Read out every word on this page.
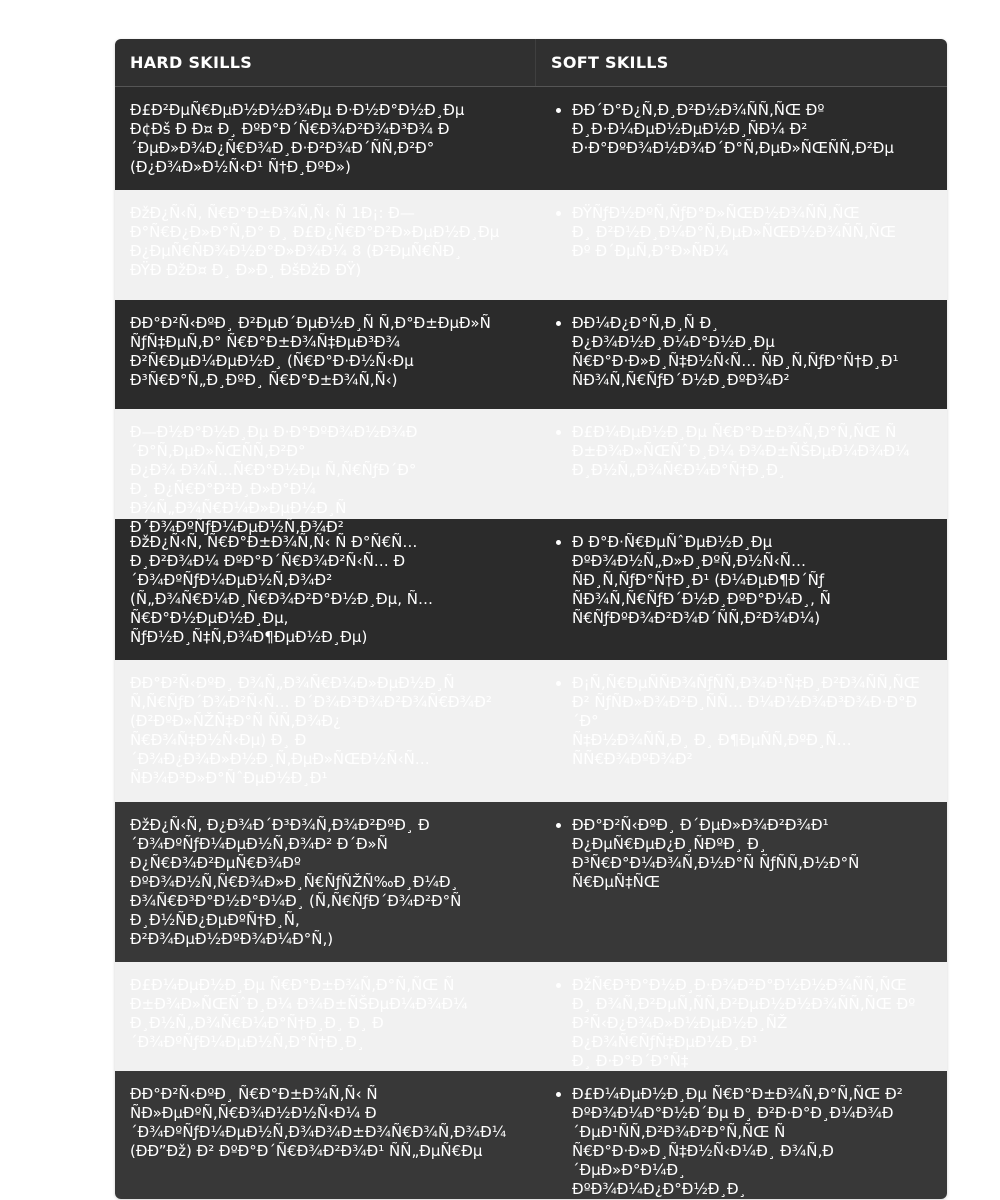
HARD SKILLS	SOFT SKILLS
Ð£Ð²ÐµÑ€ÐµÐ½Ð½Ð¾Ðµ Ð·Ð½Ð°Ð½Ð¸Ðµ
Ð¢Ðš Ð Ð¤ Ð¸ ÐºÐ°Ð´Ñ€Ð¾Ð²Ð¾Ð³Ð¾ Ð
´ÐµÐ»Ð¾Ð¿Ñ€Ð¾Ð¸Ð·Ð²Ð¾Ð´ÑÑ‚Ð²Ð°
(Ð¿Ð¾Ð»Ð½Ñ‹Ð¹ Ñ†Ð¸ÐºÐ»)
• ÐÐ´Ð°Ð¿Ñ‚Ð¸Ð²Ð½Ð¾ÑÑ‚ÑŒ Ðº
Ð¸Ð·Ð¼ÐµÐ½ÐµÐ½Ð¸ÑÐ¼ Ð²
Ð·Ð°ÐºÐ¾Ð½Ð¾Ð´Ð°Ñ‚ÐµÐ»ÑŒÑÑ‚Ð²Ðµ
ÐžÐ¿Ñ‹Ñ‚ Ñ€Ð°Ð±Ð¾Ñ‚Ñ‹ Ñ 1Ð¡: Ð—
Ð°Ñ€Ð¿Ð»Ð°Ñ‚Ð° Ð¸ Ð£Ð¿Ñ€Ð°Ð²Ð»ÐµÐ½Ð¸Ðµ
Ð¿ÐµÑ€ÑÐ¾Ð½Ð°Ð»Ð¾Ð¼ 8 (Ð²ÐµÑ€ÑÐ¸
ÐŸÐ ÐžÐ¤ Ð¸ Ð»Ð¸ ÐšÐžÐ ÐŸ)
• ÐŸÑƒÐ½ÐºÑ‚ÑƒÐ°Ð»ÑŒÐ½Ð¾ÑÑ‚ÑŒ
Ð¸ Ð²Ð½Ð¸Ð¼Ð°Ñ‚ÐµÐ»ÑŒÐ½Ð¾ÑÑ‚ÑŒ
Ðº Ð´ÐµÑ‚Ð°Ð»ÑÐ¼
ÐÐ°Ð²Ñ‹ÐºÐ¸ Ð²ÐµÐ´ÐµÐ½Ð¸Ñ Ñ‚Ð°Ð±ÐµÐ»Ñ
ÑƒÑ‡ÐµÑ‚Ð° Ñ€Ð°Ð±Ð¾Ñ‡ÐµÐ³Ð¾
Ð²Ñ€ÐµÐ¼ÐµÐ½Ð¸ (Ñ€Ð°Ð·Ð½Ñ‹Ðµ
Ð³Ñ€Ð°Ñ„Ð¸ÐºÐ¸ Ñ€Ð°Ð±Ð¾Ñ‚Ñ‹)
• ÐÐ¼Ð¿Ð°Ñ‚Ð¸Ñ Ð¸
Ð¿Ð¾Ð½Ð¸Ð¼Ð°Ð½Ð¸Ðµ
Ñ€Ð°Ð·Ð»Ð¸Ñ‡Ð½Ñ‹Ñ… ÑÐ¸Ñ‚ÑƒÐ°Ñ†Ð¸Ð¹
ÑÐ¾Ñ‚Ñ€ÑƒÐ´Ð½Ð¸ÐºÐ¾Ð²
Ð—Ð½Ð°Ð½Ð¸Ðµ Ð·Ð°ÐºÐ¾Ð½Ð¾Ð´Ð°Ñ‚ÐµÐ»ÑŒÑÑ‚Ð²Ð°
Ð¿Ð¾ Ð¾Ñ…Ñ€Ð°Ð½Ðµ Ñ‚Ñ€ÑƒÐ´Ð°
Ð¸ Ð¿Ñ€Ð°Ð²Ð¸Ð»Ð°Ð¼ Ð¾Ñ„Ð¾Ñ€Ð¼Ð»ÐµÐ½Ð¸Ñ
Ð´Ð¾ÐºÑƒÐ¼ÐµÐ½Ñ‚Ð¾Ð²
• Ð£Ð¼ÐµÐ½Ð¸Ðµ Ñ€Ð°Ð±Ð¾Ñ‚Ð°Ñ‚ÑŒ Ñ
Ð±Ð¾Ð»ÑŒÑˆÐ¸Ð¼ Ð¾Ð±ÑŠÐµÐ¼Ð¾Ð¼
Ð¸Ð½Ñ„Ð¾Ñ€Ð¼Ð°Ñ†Ð¸Ð¸
ÐžÐ¿Ñ‹Ñ‚ Ñ€Ð°Ð±Ð¾Ñ‚Ñ‹ Ñ Ð°Ñ€Ñ…
Ð¸Ð²Ð¾Ð¼ ÐºÐ°Ð´Ñ€Ð¾Ð²Ñ‹Ñ… Ð
´Ð¾ÐºÑƒÐ¼ÐµÐ½Ñ‚Ð¾Ð²
(Ñ„Ð¾Ñ€Ð¼Ð¸Ñ€Ð¾Ð²Ð°Ð½Ð¸Ðµ, Ñ…
Ñ€Ð°Ð½ÐµÐ½Ð¸Ðµ,
ÑƒÐ½Ð¸Ñ‡Ñ‚Ð¾Ð¶ÐµÐ½Ð¸Ðµ)
• Ð Ð°Ð·Ñ€ÐµÑˆÐµÐ½Ð¸Ðµ
ÐºÐ¾Ð½Ñ„Ð»Ð¸ÐºÑ‚Ð½Ñ‹Ñ…
ÑÐ¸Ñ‚ÑƒÐ°Ñ†Ð¸Ð¹ (Ð¼ÐµÐ¶Ð´Ñƒ
ÑÐ¾Ñ‚Ñ€ÑƒÐ´Ð½Ð¸ÐºÐ°Ð¼Ð¸, Ñ
Ñ€ÑƒÐºÐ¾Ð²Ð¾Ð´ÑÑ‚Ð²Ð¾Ð¼)
ÐÐ°Ð²Ñ‹ÐºÐ¸ Ð¾Ñ„Ð¾Ñ€Ð¼Ð»ÐµÐ½Ð¸Ñ
Ñ‚Ñ€ÑƒÐ´Ð¾Ð²Ñ‹Ñ… Ð´Ð¾Ð³Ð¾Ð²Ð¾Ñ€Ð¾Ð²
(Ð²ÐºÐ»ÑŽÑ‡Ð°Ñ ÑÑ‚Ð¾Ð¿
Ñ€Ð¾Ñ‡Ð½Ñ‹Ðµ) Ð¸ Ð´Ð¾Ð¿Ð¾Ð»Ð½Ð¸Ñ‚ÐµÐ»ÑŒÐ½Ñ‹Ñ…
ÑÐ¾Ð³Ð»Ð°ÑˆÐµÐ½Ð¸Ð¹
• Ð¡Ñ‚Ñ€ÐµÑÑÐ¾ÑƒÑÑ‚Ð¾Ð¹Ñ‡Ð¸Ð²Ð¾ÑÑ‚ÑŒ
Ð² ÑƒÑÐ»Ð¾Ð²Ð¸ÑÑ… Ð¼Ð½Ð¾Ð³Ð¾Ð·Ð°Ð´Ð°
Ñ‡Ð½Ð¾ÑÑ‚Ð¸ Ð¸ Ð¶ÐµÑÑ‚ÐºÐ¸Ñ…
ÑÑ€Ð¾ÐºÐ¾Ð²
ÐžÐ¿Ñ‹Ñ‚ Ð¿Ð¾Ð´Ð³Ð¾Ñ‚Ð¾Ð²ÐºÐ¸ Ð
´Ð¾ÐºÑƒÐ¼ÐµÐ½Ñ‚Ð¾Ð² Ð´Ð»Ñ
Ð¿Ñ€Ð¾Ð²ÐµÑ€Ð¾Ðº
ÐºÐ¾Ð½Ñ‚Ñ€Ð¾Ð»Ð¸Ñ€ÑƒÑŽÑ‰Ð¸Ð¼Ð¸
Ð¾Ñ€Ð³Ð°Ð½Ð°Ð¼Ð¸ (Ñ‚Ñ€ÑƒÐ´Ð¾Ð²Ð°Ñ
Ð¸Ð½ÑÐ¿ÐµÐºÑ†Ð¸Ñ,
Ð²Ð¾ÐµÐ½ÐºÐ¾Ð¼Ð°Ñ‚)
• ÐÐ°Ð²Ñ‹ÐºÐ¸ Ð´ÐµÐ»Ð¾Ð²Ð¾Ð¹
Ð¿ÐµÑ€ÐµÐ¿Ð¸ÑÐºÐ¸ Ð¸
Ð³Ñ€Ð°Ð¼Ð¾Ñ‚Ð½Ð°Ñ ÑƒÑÑ‚Ð½Ð°Ñ
Ñ€ÐµÑ‡ÑŒ
Ð£Ð¼ÐµÐ½Ð¸Ðµ Ñ€Ð°Ð±Ð¾Ñ‚Ð°Ñ‚ÑŒ Ñ
Ð±Ð¾Ð»ÑŒÑˆÐ¸Ð¼ Ð¾Ð±ÑŠÐµÐ¼Ð¾Ð¼
Ð¸Ð½Ñ„Ð¾Ñ€Ð¼Ð°Ñ†Ð¸Ð¸ Ð¸ Ð
´Ð¾ÐºÑƒÐ¼ÐµÐ½Ñ‚Ð°Ñ†Ð¸Ð¸
• ÐžÑ€Ð³Ð°Ð½Ð¸Ð·Ð¾Ð²Ð°Ð½Ð½Ð¾ÑÑ‚ÑŒ
Ð¸ Ð¾Ñ‚Ð²ÐµÑ‚ÑÑ‚Ð²ÐµÐ½Ð½Ð¾ÑÑ‚ÑŒ Ðº
Ð²Ñ‹Ð¿Ð¾Ð»Ð½ÐµÐ½Ð¸ÑŽ Ð¿Ð¾Ñ€ÑƒÑ‡ÐµÐ½Ð¸Ð¹
Ð¸ Ð·Ð°Ð´Ð°Ñ‡
ÐÐ°Ð²Ñ‹ÐºÐ¸ Ñ€Ð°Ð±Ð¾Ñ‚Ñ‹ Ñ
ÑÐ»ÐµÐºÑ‚Ñ€Ð¾Ð½Ð½Ñ‹Ð¼ Ð
´Ð¾ÐºÑƒÐ¼ÐµÐ½Ñ‚Ð¾Ð¾Ð±Ð¾Ñ€Ð¾Ñ‚Ð¾Ð¼
(ÐÐ”Ðž) Ð² ÐºÐ°Ð´Ñ€Ð¾Ð²Ð¾Ð¹ ÑÑ„ÐµÑ€Ðµ
• Ð£Ð¼ÐµÐ½Ð¸Ðµ Ñ€Ð°Ð±Ð¾Ñ‚Ð°Ñ‚ÑŒ Ð²
ÐºÐ¾Ð¼Ð°Ð½Ð´Ðµ Ð¸ Ð²Ð·Ð°Ð¸Ð¼Ð¾Ð
´ÐµÐ¹ÑÑ‚Ð²Ð¾Ð²Ð°Ñ‚ÑŒ Ñ
Ñ€Ð°Ð·Ð»Ð¸Ñ‡Ð½Ñ‹Ð¼Ð¸ Ð¾Ñ‚Ð´ÐµÐ»Ð°Ð¼Ð¸
ÐºÐ¾Ð¼Ð¿Ð°Ð½Ð¸Ð¸
